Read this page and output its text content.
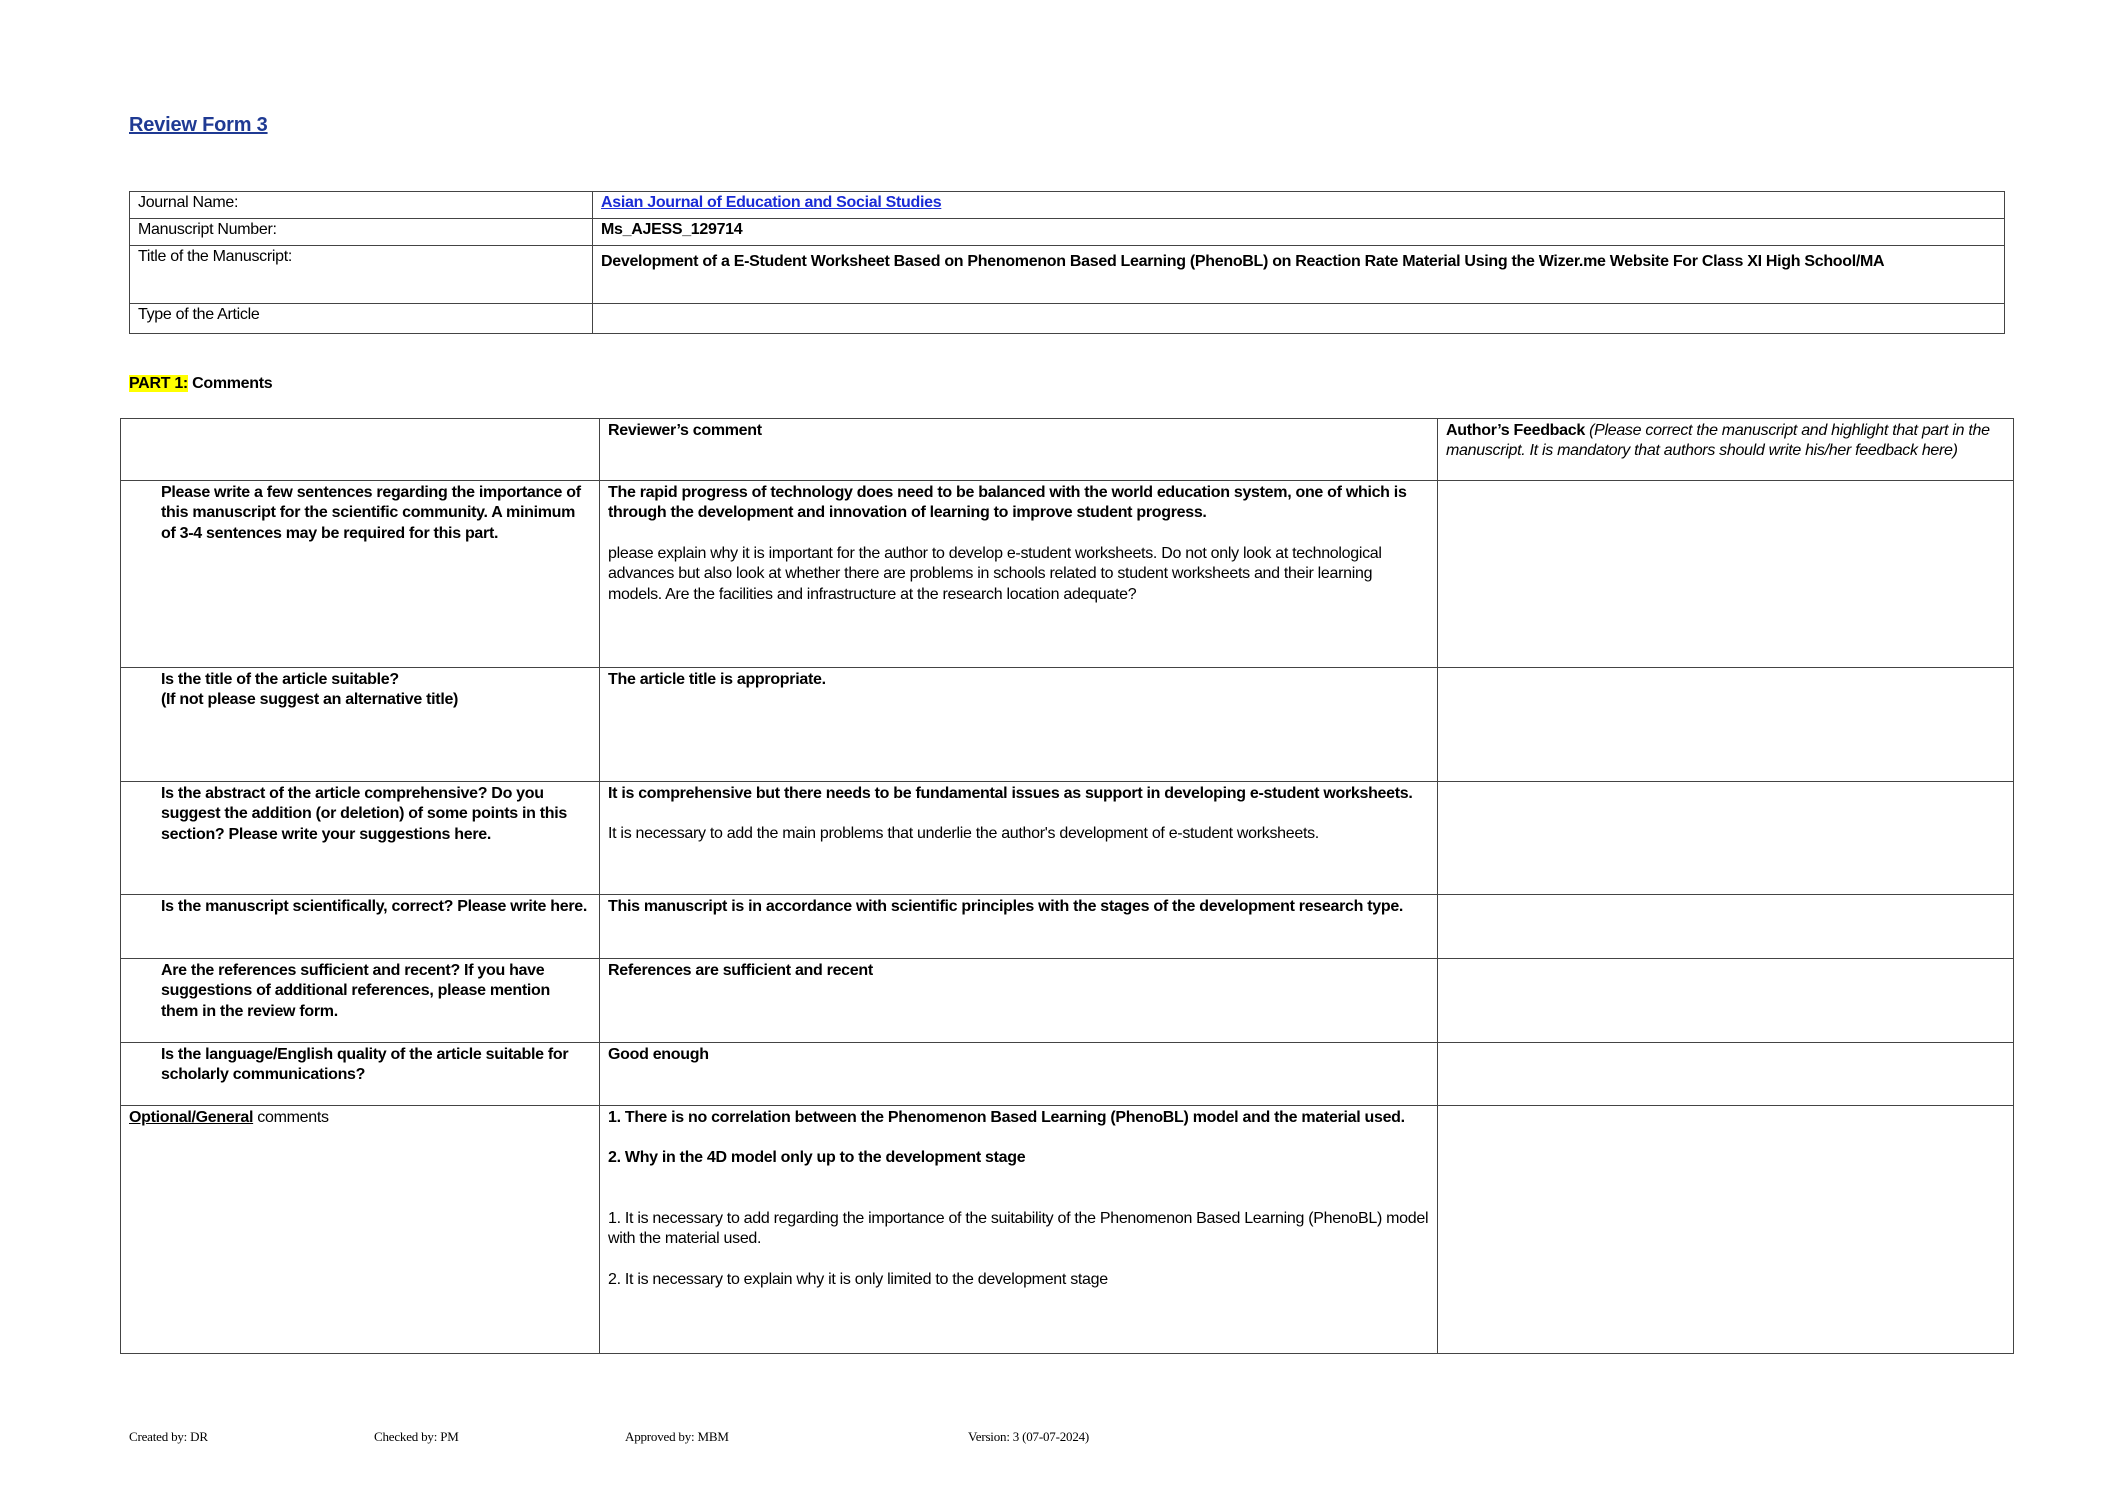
Review Form 3
Journal Name:	Asian Journal of Education and Social Studies
Manuscript Number:	Ms_AJESS_129714
Title of the Manuscript:	Development of a E-Student Worksheet Based on Phenomenon Based Learning (PhenoBL) on Reaction Rate Material Using the Wizer.me Website For Class XI High School/MA
Type of the Article	
PART 1: Comments
	Reviewer’s comment	Author’s Feedback (Please correct the manuscript and highlight that part in the manuscript. It is mandatory that authors should write his/her feedback here)
Please write a few sentences regarding the importance of this manuscript for the scientific community. A minimum of 3-4 sentences may be required for this part.	The rapid progress of technology does need to be balanced with the world education system, one of which is through the development and innovation of learning to improve student progress.

please explain why it is important for the author to develop e-student worksheets. Do not only look at technological advances but also look at whether there are problems in schools related to student worksheets and their learning models. Are the facilities and infrastructure at the research location adequate?	

Is the title of the article suitable?
(If not please suggest an alternative title)	The article title is appropriate.	
Is the abstract of the article comprehensive? Do you suggest the addition (or deletion) of some points in this section? Please write your suggestions here.	It is comprehensive but there needs to be fundamental issues as support in developing e-student worksheets.

It is necessary to add the main problems that underlie the author's development of e-student worksheets.	

Is the manuscript scientifically, correct? Please write here.	This manuscript is in accordance with scientific principles with the stages of the development research type.	
Are the references sufficient and recent? If you have suggestions of additional references, please mention them in the review form.	References are sufficient and recent	
Is the language/English quality of the article suitable for scholarly communications?	Good enough	
Optional/General comments	1. There is no correlation between the Phenomenon Based Learning (PhenoBL) model and the material used.

2. Why in the 4D model only up to the development stage

1. It is necessary to add regarding the importance of the suitability of the Phenomenon Based Learning (PhenoBL) model with the material used.

2. It is necessary to explain why it is only limited to the development stage	

Created by: DR	Checked by: PM	Approved by: MBM	Version: 3 (07-07-2024)
